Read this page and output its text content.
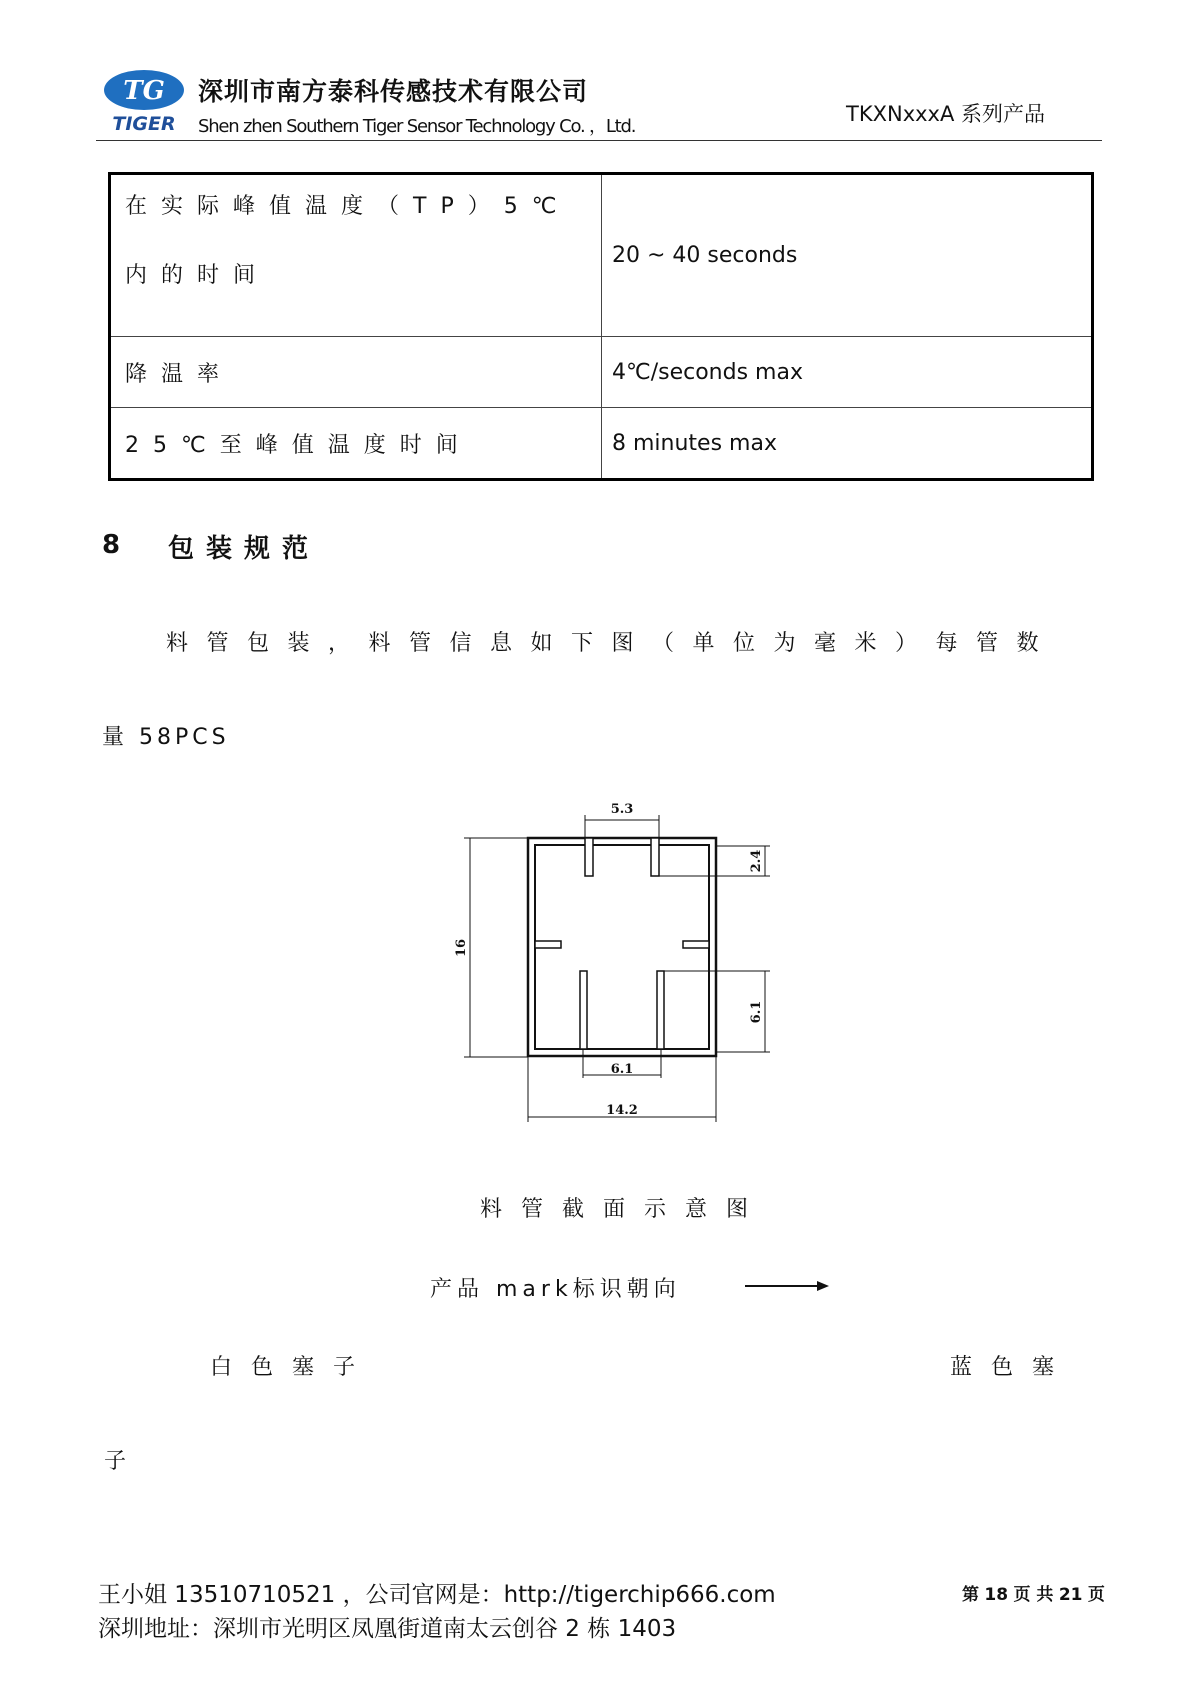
TG
TIGER
深圳市南方泰科传感技术有限公司
Shen zhen Southern Tiger Sensor Technology Co. ，Ltd.
TKXNxxxA 系列产品
在实际峰值温度（TP）5℃
内的时间	20 ~ 40 seconds
降温率	4℃/seconds max
25℃至峰值温度时间	8 minutes max
8 包装规范
料管包装，料管信息如下图（单位为毫米）每管数
量 58PCS
5.3
2.4
16
6.1
6.1
14.2
料管截面示意图
产品 mark标识朝向
白色塞子	蓝色塞
子
王小姐 13510710521 ，公司官网是：http://tigerchip666.com
深圳地址：深圳市光明区凤凰街道南太云创谷 2 栋 1403
第 18 页 共 21 页
